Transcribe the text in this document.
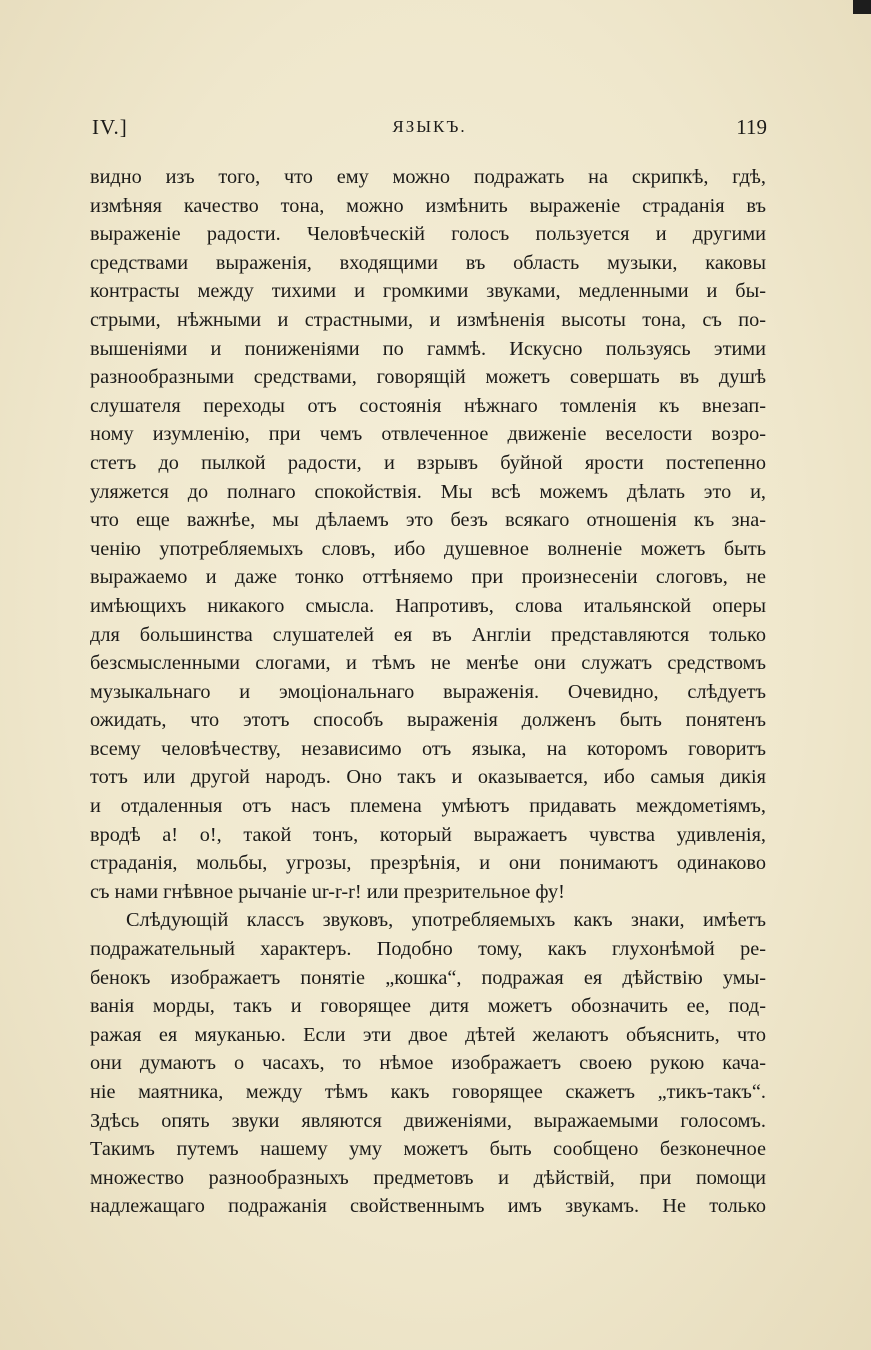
IV.]	ЯЗЫКЪ.	119
видно изъ того, что ему можно подражать на скрипкѣ, гдѣ,
измѣняя качество тона, можно измѣнить выраженіе страданія въ
выраженіе радости. Человѣческій голосъ пользуется и другими
средствами выраженія, входящими въ область музыки, каковы
контрасты между тихими и громкими звуками, медленными и бы-
стрыми, нѣжными и страстными, и измѣненія высоты тона, съ по-
вышеніями и пониженіями по гаммѣ. Искусно пользуясь этими
разнообразными средствами, говорящій можетъ совершать въ душѣ
слушателя переходы отъ состоянія нѣжнаго томленія къ внезап-
ному изумленію, при чемъ отвлеченное движеніе веселости возро-
стетъ до пылкой радости, и взрывъ буйной ярости постепенно
уляжется до полнаго спокойствія. Мы всѣ можемъ дѣлать это и,
что еще важнѣе, мы дѣлаемъ это безъ всякаго отношенія къ зна-
ченію употребляемыхъ словъ, ибо душевное волненіе можетъ быть
выражаемо и даже тонко оттѣняемо при произнесеніи слоговъ, не
имѣющихъ никакого смысла. Напротивъ, слова итальянской оперы
для большинства слушателей ея въ Англіи представляются только
безсмысленными слогами, и тѣмъ не менѣе они служатъ средствомъ
музыкальнаго и эмоціональнаго выраженія. Очевидно, слѣдуетъ
ожидать, что этотъ способъ выраженія долженъ быть понятенъ
всему человѣчеству, независимо отъ языка, на которомъ говоритъ
тотъ или другой народъ. Оно такъ и оказывается, ибо самыя дикія
и отдаленныя отъ насъ племена умѣютъ придавать междометіямъ,
вродѣ а! о!, такой тонъ, который выражаетъ чувства удивленія,
страданія, мольбы, угрозы, презрѣнія, и они понимаютъ одинаково
съ нами гнѣвное рычаніе ur-r-r! или презрительное фу!
Слѣдующій классъ звуковъ, употребляемыхъ какъ знаки, имѣетъ
подражательный характеръ. Подобно тому, какъ глухонѣмой ре-
бенокъ изображаетъ понятіе „кошка“, подражая ея дѣйствію умы-
ванія морды, такъ и говорящее дитя можетъ обозначить ее, под-
ражая ея мяуканью. Если эти двое дѣтей желаютъ объяснить, что
они думаютъ о часахъ, то нѣмое изображаетъ своею рукою кача-
ніе маятника, между тѣмъ какъ говорящее скажетъ „тикъ-такъ“.
Здѣсь опять звуки являются движеніями, выражаемыми голосомъ.
Такимъ путемъ нашему уму можетъ быть сообщено безконечное
множество разнообразныхъ предметовъ и дѣйствій, при помощи
надлежащаго подражанія свойственнымъ имъ звукамъ. Не только
